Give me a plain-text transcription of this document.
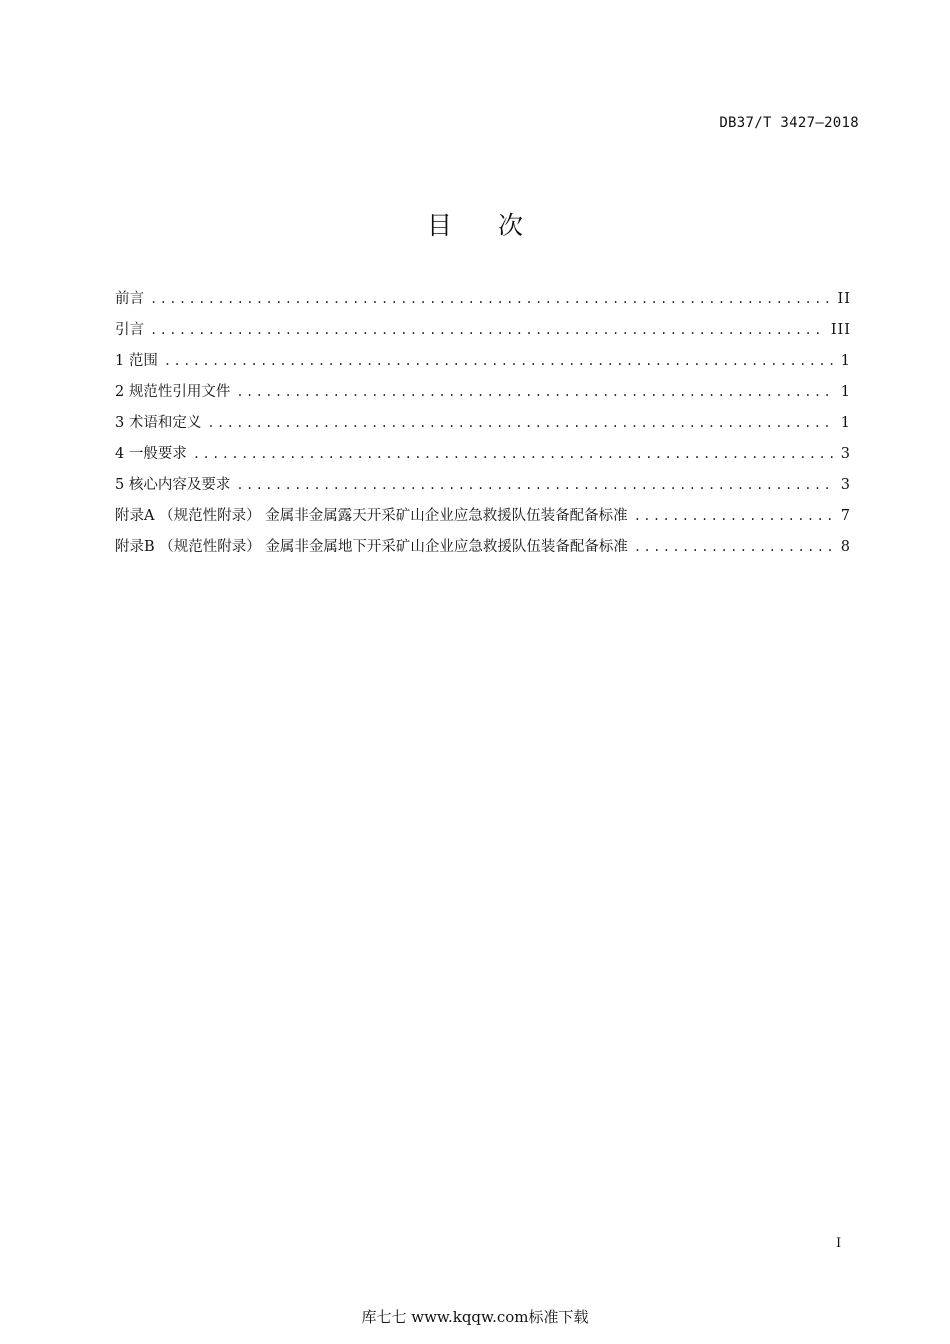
DB37/T 3427—2018
目次
前言 .....	II
引言 .....	III
1 范围 .....	1
2 规范性引用文件 .....	1
3 术语和定义 .....	1
4 一般要求 .....	3
5 核心内容及要求 .....	3
附录A （规范性附录） 金属非金属露天开采矿山企业应急救援队伍装备配备标准 .....	7
附录B （规范性附录） 金属非金属地下开采矿山企业应急救援队伍装备配备标准 .....	8
I
库七七 www.kqqw.com标准下载
